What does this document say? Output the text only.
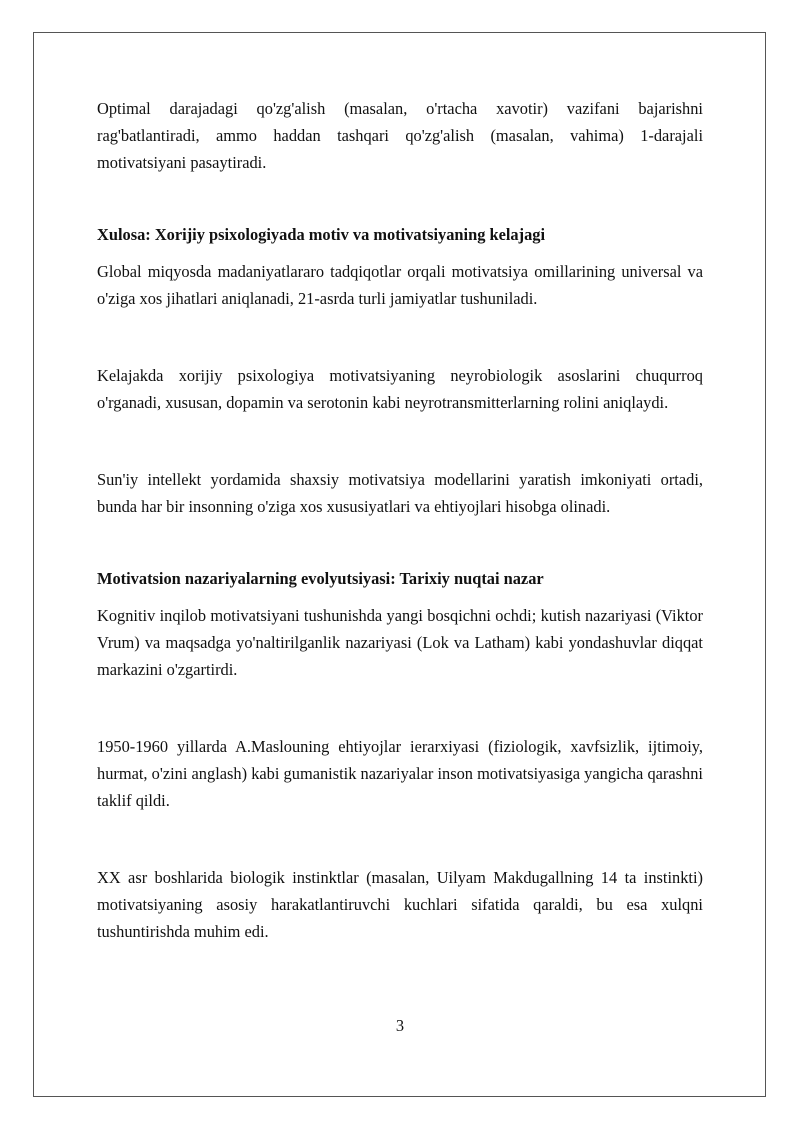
Optimal darajadagi qo'zg'alish (masalan, o'rtacha xavotir) vazifani bajarishni rag'batlantiradi, ammo haddan tashqari qo'zg'alish (masalan, vahima) 1-darajali motivatsiyani pasaytiradi.

Xulosa: Xorijiy psixologiyada motiv va motivatsiyaning kelajagi

Global miqyosda madaniyatlararo tadqiqotlar orqali motivatsiya omillarining universal va o'ziga xos jihatlari aniqlanadi, 21-asrda turli jamiyatlar tushuniladi.

Kelajakda xorijiy psixologiya motivatsiyaning neyrobiologik asoslarini chuqurroq o'rganadi, xususan, dopamin va serotonin kabi neyrotransmitterlarning rolini aniqlaydi.

Sun'iy intellekt yordamida shaxsiy motivatsiya modellarini yaratish imkoniyati ortadi, bunda har bir insonning o'ziga xos xususiyatlari va ehtiyojlari hisobga olinadi.

Motivatsion nazariyalarning evolyutsiyasi: Tarixiy nuqtai nazar

Kognitiv inqilob motivatsiyani tushunishda yangi bosqichni ochdi; kutish nazariyasi (Viktor Vrum) va maqsadga yo'naltirilganlik nazariyasi (Lok va Latham) kabi yondashuvlar diqqat markazini o'zgartirdi.

1950-1960 yillarda A.Maslouning ehtiyojlar ierarxiyasi (fiziologik, xavfsizlik, ijtimoiy, hurmat, o'zini anglash) kabi gumanistik nazariyalar inson motivatsiyasiga yangicha qarashni taklif qildi.

XX asr boshlarida biologik instinktlar (masalan, Uilyam Makdugallning 14 ta instinkti) motivatsiyaning asosiy harakatlantiruvchi kuchlari sifatida qaraldi, bu esa xulqni tushuntirishda muhim edi.

3
